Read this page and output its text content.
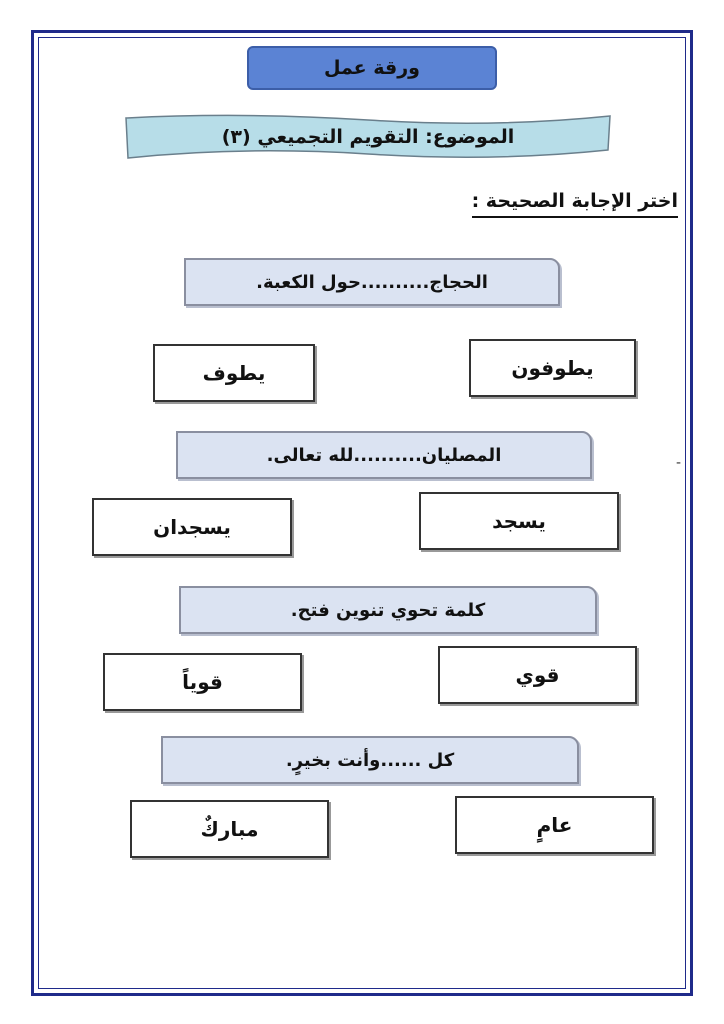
ورقة عمل
الموضوع: التقويم التجميعي (٣)
اختر الإجابة الصحيحة :
الحجاج..........حول الكعبة.
يطوفون
يطوف
المصليان..........لله تعالى.	-
يسجد
يسجدان
كلمة تحوي تنوين فتح.
قوي
قوياً
كل ......وأنت بخيرٍ.
عامٍ
مباركٌ
